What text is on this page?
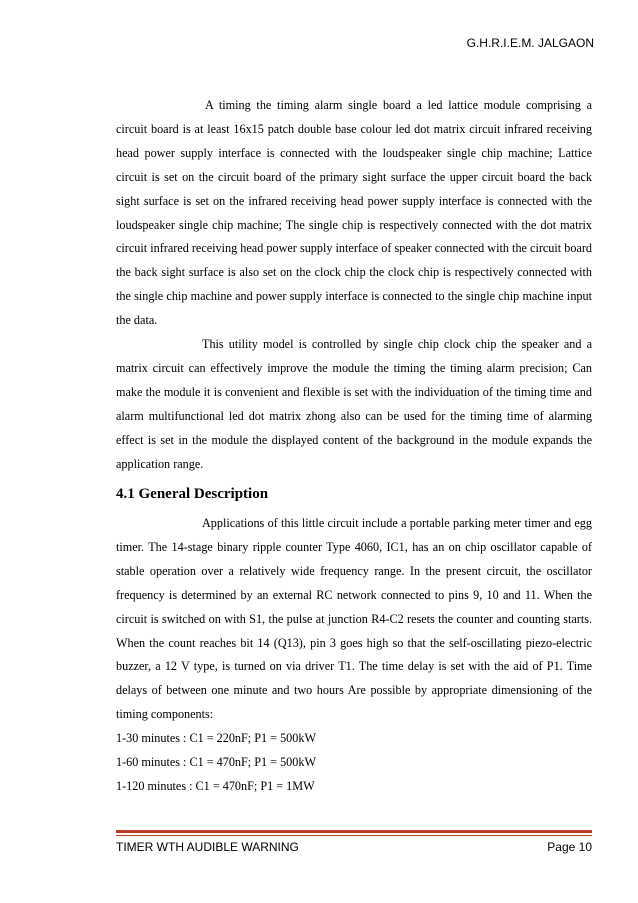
G.H.R.I.E.M. JALGAON

A timing the timing alarm single board a led lattice module comprising a circuit board is at least 16x15 patch double base colour led dot matrix circuit infrared receiving head power supply interface is connected with the loudspeaker single chip machine; Lattice circuit is set on the circuit board of the primary sight surface the upper circuit board the back sight surface is set on the infrared receiving head power supply interface is connected with the loudspeaker single chip machine; The single chip is respectively connected with the dot matrix circuit infrared receiving head power supply interface of speaker connected with the circuit board the back sight surface is also set on the clock chip the clock chip is respectively connected with the single chip machine and power supply interface is connected to the single chip machine input the data.

This utility model is controlled by single chip clock chip the speaker and a matrix circuit can effectively improve the module the timing the timing alarm precision; Can make the module it is convenient and flexible is set with the individuation of the timing time and alarm multifunctional led dot matrix zhong also can be used for the timing time of alarming effect is set in the module the displayed content of the background in the module expands the application range.

4.1 General Description

Applications of this little circuit include a portable parking meter timer and egg timer. The 14-stage binary ripple counter Type 4060, IC1, has an on chip oscillator capable of stable operation over a relatively wide frequency range. In the present circuit, the oscillator frequency is determined by an external RC network connected to pins 9, 10 and 11. When the circuit is switched on with S1, the pulse at junction R4-C2 resets the counter and counting starts. When the count reaches bit 14 (Q13), pin 3 goes high so that the self-oscillating piezo-electric buzzer, a 12 V type, is turned on via driver T1. The time delay is set with the aid of P1. Time delays of between one minute and two hours Are possible by appropriate dimensioning of the timing components:

1-30 minutes : C1 = 220nF; P1 = 500kW
1-60 minutes : C1 = 470nF; P1 = 500kW
1-120 minutes : C1 = 470nF; P1 = 1MW
TIMER WTH AUDIBLE WARNING	Page 10
